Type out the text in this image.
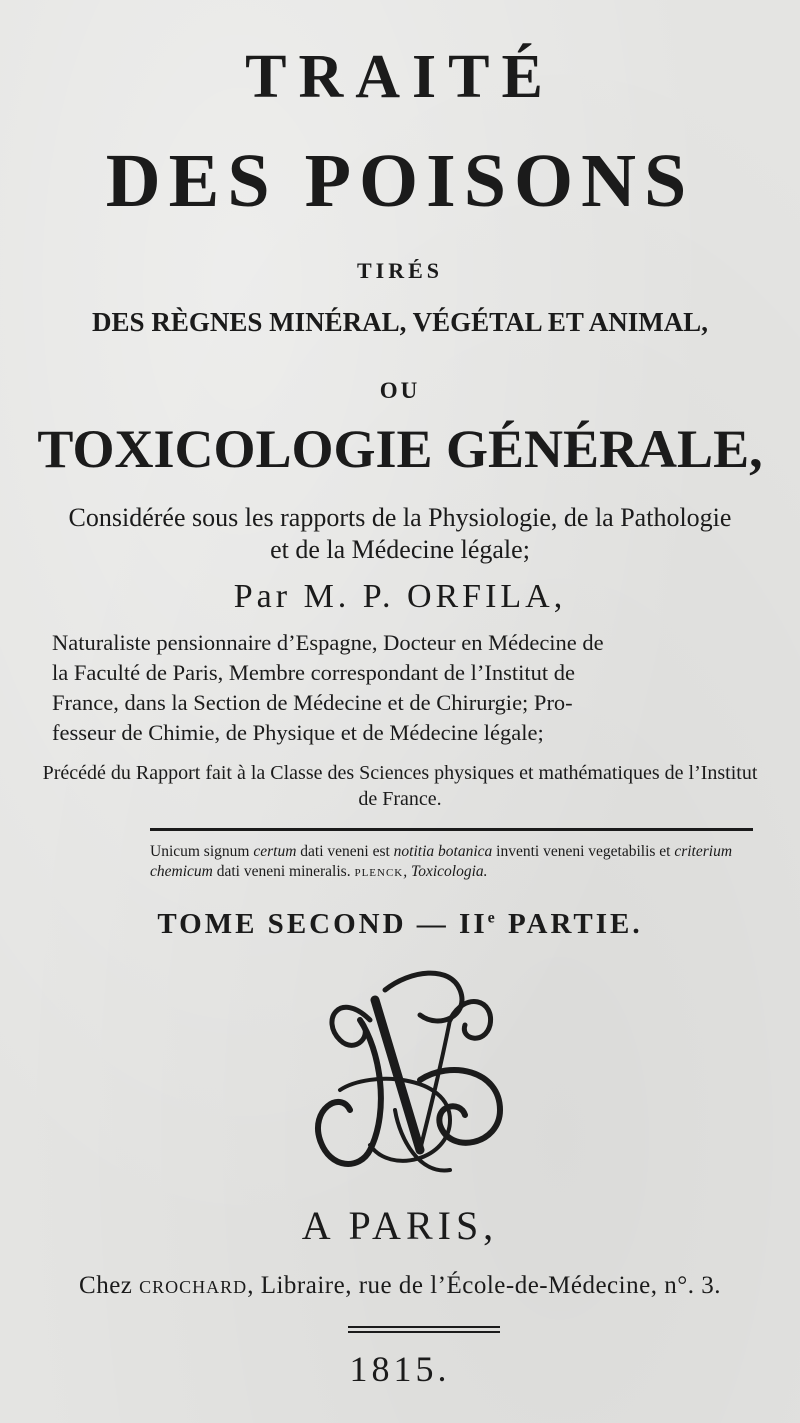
TRAITÉ
DES POISONS
TIRÉS
DES RÈGNES MINÉRAL, VÉGÉTAL ET ANIMAL,
OU
TOXICOLOGIE GÉNÉRALE,
Considérée sous les rapports de la Physiologie, de la Pathologie et de la Médecine légale;
Par M. P. ORFILA,
Naturaliste pensionnaire d’Espagne, Docteur en Médecine de
la Faculté de Paris, Membre correspondant de l’Institut de
France, dans la Section de Médecine et de Chirurgie; Pro-
fesseur de Chimie, de Physique et de Médecine légale;
Précédé du Rapport fait à la Classe des Sciences physiques et mathématiques de l’Institut de France.
Unicum signum certum dati veneni est notitia botanica inventi veneni vegetabilis et criterium chemicum dati veneni mineralis. PLENCK, Toxicologia.
TOME SECOND — IIe PARTIE.
A PARIS,
Chez CROCHARD, Libraire, rue de l’École-de-Médecine, n°. 3.
1815.
